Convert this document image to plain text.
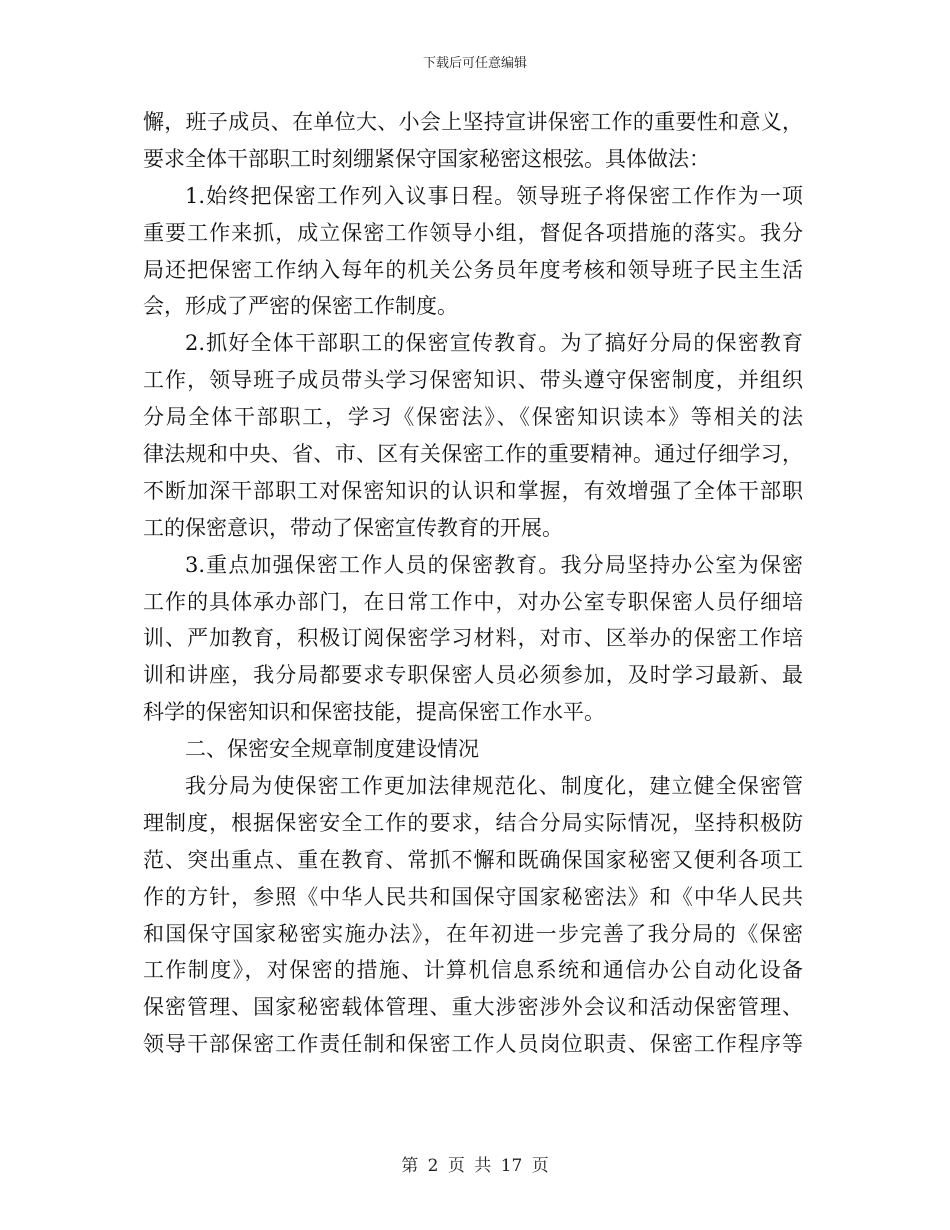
下载后可任意编辑
懈，班子成员、在单位大、小会上坚持宣讲保密工作的重要性和意义，
要求全体干部职工时刻绷紧保守国家秘密这根弦。具体做法：
1.始终把保密工作列入议事日程。领导班子将保密工作作为一项
重要工作来抓，成立保密工作领导小组，督促各项措施的落实。我分
局还把保密工作纳入每年的机关公务员年度考核和领导班子民主生活
会，形成了严密的保密工作制度。
2.抓好全体干部职工的保密宣传教育。为了搞好分局的保密教育
工作，领导班子成员带头学习保密知识、带头遵守保密制度，并组织
分局全体干部职工，学习《保密法》、《保密知识读本》等相关的法
律法规和中央、省、市、区有关保密工作的重要精神。通过仔细学习，
不断加深干部职工对保密知识的认识和掌握，有效增强了全体干部职
工的保密意识，带动了保密宣传教育的开展。
3.重点加强保密工作人员的保密教育。我分局坚持办公室为保密
工作的具体承办部门，在日常工作中，对办公室专职保密人员仔细培
训、严加教育，积极订阅保密学习材料，对市、区举办的保密工作培
训和讲座，我分局都要求专职保密人员必须参加，及时学习最新、最
科学的保密知识和保密技能，提高保密工作水平。
二、保密安全规章制度建设情况
我分局为使保密工作更加法律规范化、制度化，建立健全保密管
理制度，根据保密安全工作的要求，结合分局实际情况，坚持积极防
范、突出重点、重在教育、常抓不懈和既确保国家秘密又便利各项工
作的方针，参照《中华人民共和国保守国家秘密法》和《中华人民共
和国保守国家秘密实施办法》，在年初进一步完善了我分局的《保密
工作制度》，对保密的措施、计算机信息系统和通信办公自动化设备
保密管理、国家秘密载体管理、重大涉密涉外会议和活动保密管理、
领导干部保密工作责任制和保密工作人员岗位职责、保密工作程序等
第 2 页 共 17 页
